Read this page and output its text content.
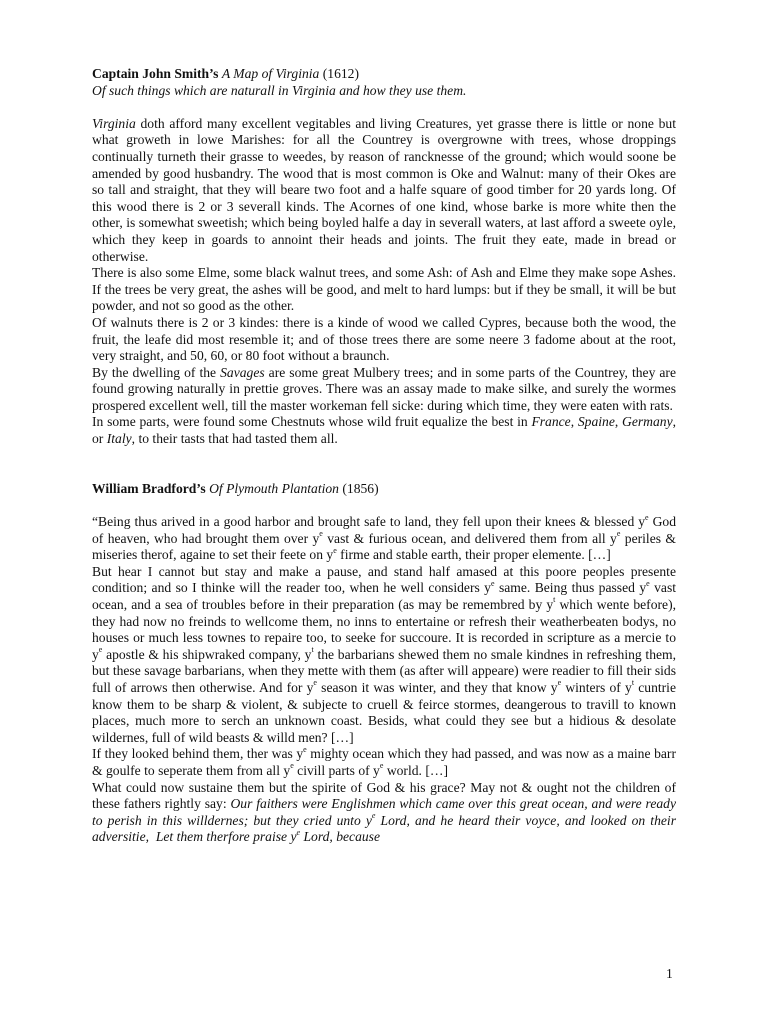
Captain John Smith’s A Map of Virginia (1612)

Of such things which are naturall in Virginia and how they use them.

Virginia doth afford many excellent vegitables and living Creatures, yet grasse there is little or none but what groweth in lowe Marishes: for all the Countrey is overgrowne with trees, whose droppings continually turneth their grasse to weedes, by reason of rancknesse of the ground; which would soone be amended by good husbandry. The wood that is most common is Oke and Walnut: many of their Okes are so tall and straight, that they will beare two foot and a halfe square of good timber for 20 yards long. Of this wood there is 2 or 3 severall kinds. The Acornes of one kind, whose barke is more white then the other, is somewhat sweetish; which being boyled halfe a day in severall waters, at last afford a sweete oyle, which they keep in goards to annoint their heads and joints. The fruit they eate, made in bread or otherwise.

There is also some Elme, some black walnut trees, and some Ash: of Ash and Elme they make sope Ashes. If the trees be very great, the ashes will be good, and melt to hard lumps: but if they be small, it will be but powder, and not so good as the other.

Of walnuts there is 2 or 3 kindes: there is a kinde of wood we called Cypres, because both the wood, the fruit, the leafe did most resemble it; and of those trees there are some neere 3 fadome about at the root, very straight, and 50, 60, or 80 foot without a braunch.

By the dwelling of the Savages are some great Mulbery trees; and in some parts of the Countrey, they are found growing naturally in prettie groves. There was an assay made to make silke, and surely the wormes prospered excellent well, till the master workeman fell sicke: during which time, they were eaten with rats.

In some parts, were found some Chestnuts whose wild fruit equalize the best in France, Spaine, Germany, or Italy, to their tasts that had tasted them all.

William Bradford’s Of Plymouth Plantation (1856)

“Being thus arived in a good harbor and brought safe to land, they fell upon their knees & blessed $y^e$ God of heaven, who had brought them over $y^e$ vast & furious ocean, and delivered them from all $y^e$ periles & miseries therof, againe to set their feete on $y^e$ firme and stable earth, their proper elemente. […]

But hear I cannot but stay and make a pause, and stand half amased at this poore peoples presente condition; and so I thinke will the reader too, when he well considers $y^e$ same. Being thus passed $y^e$ vast ocean, and a sea of troubles before in their preparation (as may be remembred by $y^t$ which wente before), they had now no freinds to wellcome them, no inns to entertaine or refresh their weatherbeaten bodys, no houses or much less townes to repaire too, to seeke for succoure. It is recorded in scripture as a mercie to $y^e$ apostle & his shipwraked company, $y^t$ the barbarians shewed them no smale kindnes in refreshing them, but these savage barbarians, when they mette with them (as after will appeare) were readier to fill their sids full of arrows then otherwise. And for $y^e$ season it was winter, and they that know $y^e$ winters of $y^t$ cuntrie know them to be sharp & violent, & subjecte to cruell & feirce stormes, deangerous to travill to known places, much more to serch an unknown coast. Besids, what could they see but a hidious & desolate wildernes, full of wild beasts & willd men? […]

If they looked behind them, ther was $y^e$ mighty ocean which they had passed, and was now as a maine barr & goulfe to seperate them from all $y^e$ civill parts of $y^e$ world. […]

What could now sustaine them but the spirite of God & his grace? May not & ought not the children of these fathers rightly say: Our faithers were Englishmen which came over this great ocean, and were ready to perish in this willdernes; but they cried unto $y^e$ Lord, and he heard their voyce, and looked on their adversitie, Let them therfore praise $y^e$ Lord, because

1
